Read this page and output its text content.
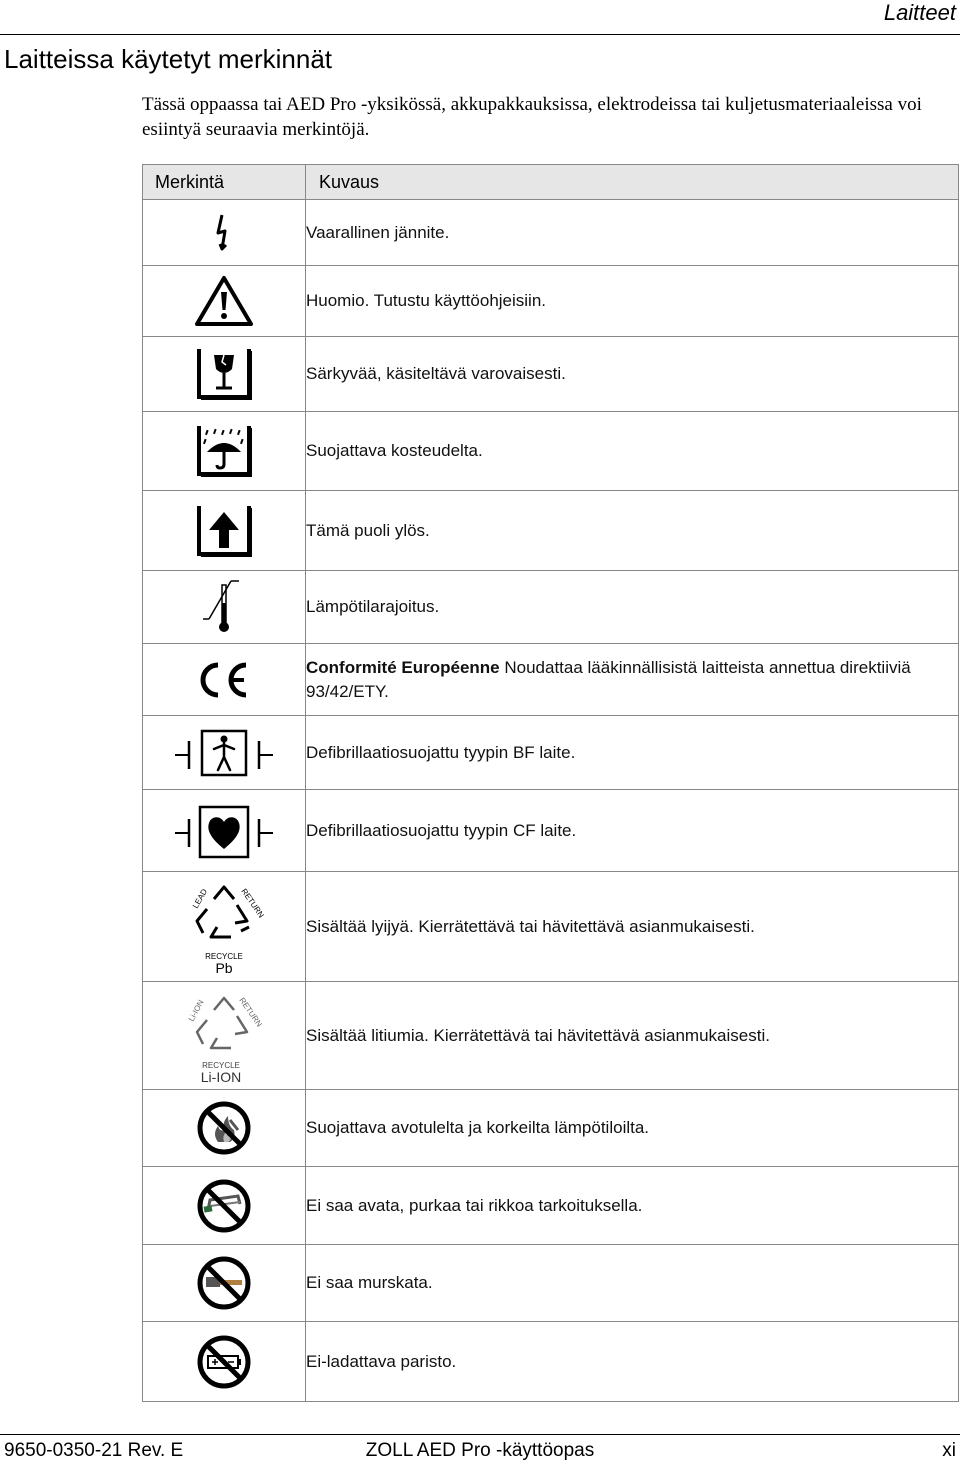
Laitteet
Laitteissa käytetyt merkinnät
Tässä oppaassa tai AED Pro -yksikössä, akkupakkauksissa, elektrodeissa tai kuljetusmateriaaleissa voi esiintyä seuraavia merkintöjä.
Merkintä	Kuvaus

	Vaarallinen jännite.

	Huomio. Tutustu käyttöohjeisiin.

	Särkyvää, käsiteltävä varovaisesti.

	Suojattava kosteudelta.

	Tämä puoli ylös.

	Lämpötilarajoitus.

	Conformité Européenne Noudattaa lääkinnällisistä laitteista annettua direktiiviä 93/42/ETY.

	Defibrillaatiosuojattu tyypin BF laite.

	Defibrillaatiosuojattu tyypin CF laite.

LEAD RETURN
RECYCLE
Pb	Sisältää lyijyä. Kierrätettävä tai hävitettävä asianmukaisesti.

Li-ION RETURN
RECYCLE
Li-ION	Sisältää litiumia. Kierrätettävä tai hävitettävä asianmukaisesti.

	Suojattava avotulelta ja korkeilta lämpötiloilta.

	Ei saa avata, purkaa tai rikkoa tarkoituksella.

	Ei saa murskata.

	Ei-ladattava paristo.
9650-0350-21 Rev. E	ZOLL AED Pro -käyttöopas	xi
